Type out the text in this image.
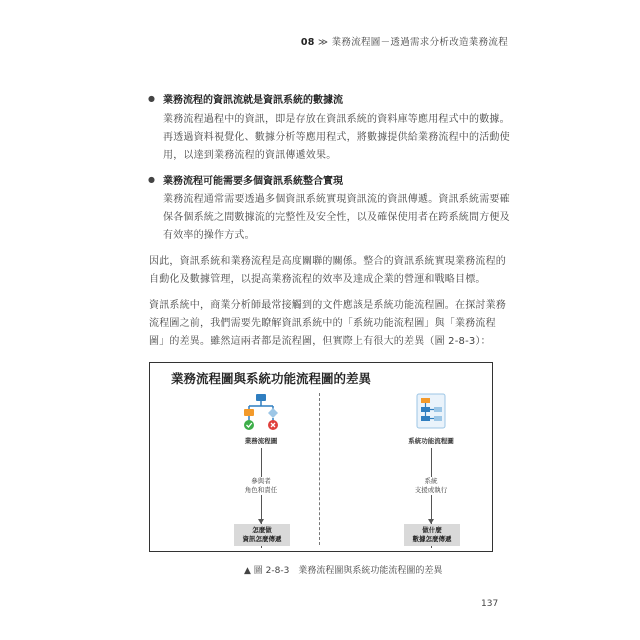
08 ≫ 業務流程圖－透過需求分析改造業務流程
● 業務流程的資訊流就是資訊系統的數據流
業務流程過程中的資訊，即是存放在資訊系統的資料庫等應用程式中的數據。
再透過資料視覺化、數據分析等應用程式，將數據提供給業務流程中的活動使
用，以達到業務流程的資訊傳遞效果。
● 業務流程可能需要多個資訊系統整合實現
業務流程通常需要透過多個資訊系統實現資訊流的資訊傳遞。資訊系統需要確
保各個系統之間數據流的完整性及安全性，以及確保使用者在跨系統間方便及
有效率的操作方式。
因此，資訊系統和業務流程是高度關聯的關係。整合的資訊系統實現業務流程的
自動化及數據管理，以提高業務流程的效率及達成企業的營運和戰略目標。
資訊系統中，商業分析師最常接觸到的文件應該是系統功能流程圖。在探討業務
流程圖之前，我們需要先瞭解資訊系統中的「系統功能流程圖」與「業務流程
圖」的差異。雖然這兩者都是流程圖，但實際上有很大的差異（圖 2-8-3）：
業務流程圖與系統功能流程圖的差異
業務流程圖
參與者
角色和責任
怎麼做
資訊怎麼傳遞
系統功能流程圖
系統
支援或執行
做什麼
數據怎麼傳遞
▲ 圖 2-8-3　業務流程圖與系統功能流程圖的差異
137
